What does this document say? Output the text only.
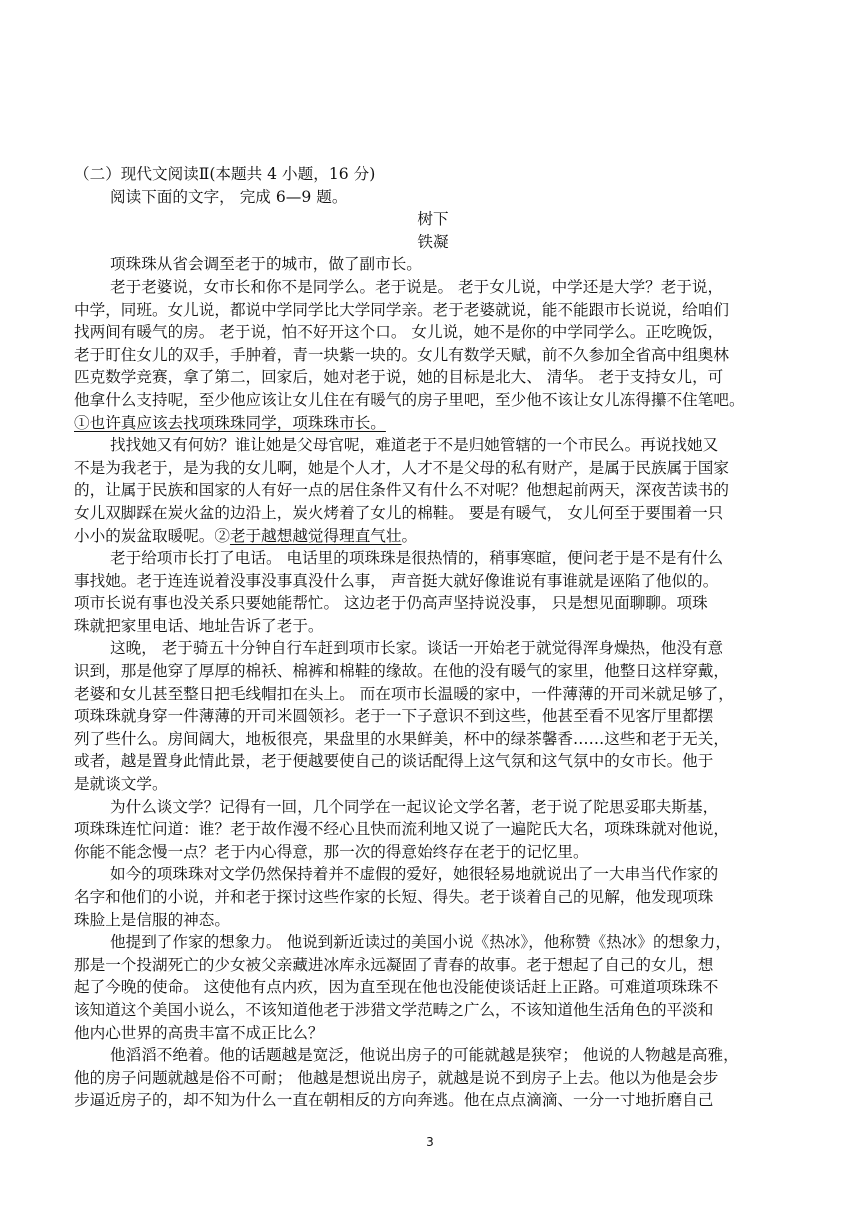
（二）现代文阅读Ⅱ(本题共 4 小题，16 分)
阅读下面的文字， 完成 6—9 题。
树下
铁凝
项珠珠从省会调至老于的城市，做了副市长。
老于老婆说，女市长和你不是同学么。老于说是。 老于女儿说，中学还是大学？老于说，
中学，同班。女儿说，都说中学同学比大学同学亲。老于老婆就说，能不能跟市长说说，给咱们
找两间有暖气的房。 老于说，怕不好开这个口。 女儿说，她不是你的中学同学么。正吃晚饭，
老于盯住女儿的双手，手肿着，青一块紫一块的。女儿有数学天赋，前不久参加全省高中组奥林
匹克数学竞赛，拿了第二，回家后，她对老于说，她的目标是北大、 清华。 老于支持女儿，可
他拿什么支持呢，至少他应该让女儿住在有暖气的房子里吧，至少他不该让女儿冻得攥不住笔吧。
①也许真应该去找项珠珠同学，项珠珠市长。
找找她又有何妨？谁让她是父母官呢，难道老于不是归她管辖的一个市民么。再说找她又
不是为我老于，是为我的女儿啊，她是个人才，人才不是父母的私有财产，是属于民族属于国家
的，让属于民族和国家的人有好一点的居住条件又有什么不对呢？他想起前两天，深夜苦读书的
女儿双脚踩在炭火盆的边沿上，炭火烤着了女儿的棉鞋。 要是有暖气， 女儿何至于要围着一只
小小的炭盆取暖呢。②老于越想越觉得理直气壮。
老于给项市长打了电话。 电话里的项珠珠是很热情的，稍事寒暄，便问老于是不是有什么
事找她。老于连连说着没事没事真没什么事， 声音挺大就好像谁说有事谁就是诬陷了他似的。
项市长说有事也没关系只要她能帮忙。 这边老于仍高声坚持说没事， 只是想见面聊聊。项珠
珠就把家里电话、地址告诉了老于。
这晚， 老于骑五十分钟自行车赶到项市长家。谈话一开始老于就觉得浑身燥热，他没有意
识到，那是他穿了厚厚的棉袄、棉裤和棉鞋的缘故。在他的没有暖气的家里，他整日这样穿戴，
老婆和女儿甚至整日把毛线帽扣在头上。 而在项市长温暖的家中，一件薄薄的开司米就足够了，
项珠珠就身穿一件薄薄的开司米圆领衫。老于一下子意识不到这些，他甚至看不见客厅里都摆
列了些什么。房间阔大，地板很亮，果盘里的水果鲜美，杯中的绿茶馨香……这些和老于无关，
或者，越是置身此情此景，老于便越要使自己的谈话配得上这气氛和这气氛中的女市长。他于
是就谈文学。
为什么谈文学？记得有一回，几个同学在一起议论文学名著，老于说了陀思妥耶夫斯基，
项珠珠连忙问道：谁？老于故作漫不经心且快而流利地又说了一遍陀氏大名，项珠珠就对他说，
你能不能念慢一点？老于内心得意，那一次的得意始终存在老于的记忆里。
如今的项珠珠对文学仍然保持着并不虚假的爱好，她很轻易地就说出了一大串当代作家的
名字和他们的小说，并和老于探讨这些作家的长短、得失。老于谈着自己的见解，他发现项珠
珠脸上是信服的神态。
他提到了作家的想象力。 他说到新近读过的美国小说《热冰》，他称赞《热冰》的想象力，
那是一个投湖死亡的少女被父亲藏进冰库永远凝固了青春的故事。老于想起了自己的女儿，想
起了今晚的使命。 这使他有点内疚，因为直至现在他也没能使谈话赶上正路。可难道项珠珠不
该知道这个美国小说么，不该知道他老于涉猎文学范畴之广么，不该知道他生活角色的平淡和
他内心世界的高贵丰富不成正比么？
他滔滔不绝着。他的话题越是宽泛，他说出房子的可能就越是狭窄； 他说的人物越是高雅，
他的房子问题就越是俗不可耐； 他越是想说出房子，就越是说不到房子上去。他以为他是会步
步逼近房子的，却不知为什么一直在朝相反的方向奔逃。他在点点滴滴、一分一寸地折磨自己
3
